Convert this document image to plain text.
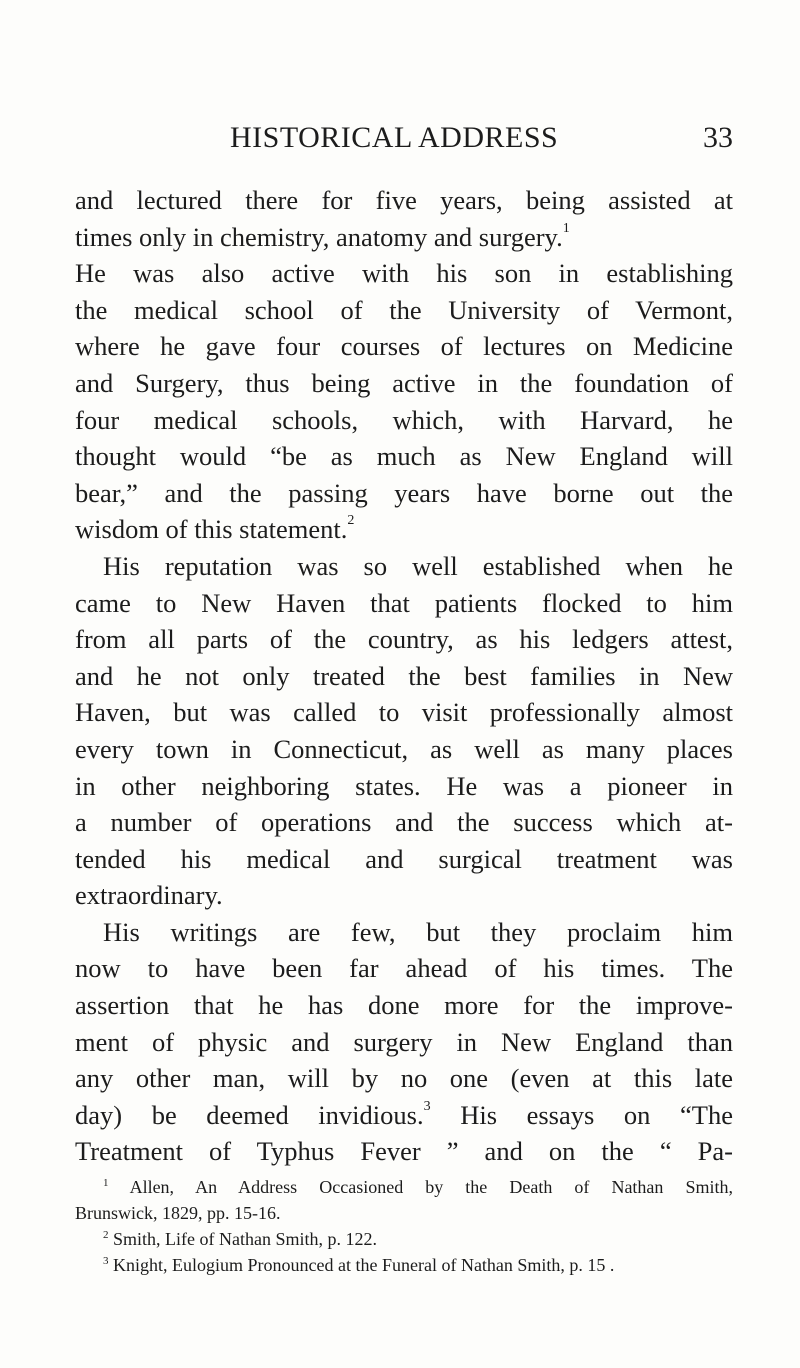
HISTORICAL ADDRESS	33
and lectured there for five years, being assisted at
times only in chemistry, anatomy and surgery.$^1$
He was also active with his son in establishing
the medical school of the University of Vermont,
where he gave four courses of lectures on Medicine
and Surgery, thus being active in the foundation of
four medical schools, which, with Harvard, he
thought would “be as much as New England will
bear,” and the passing years have borne out the
wisdom of this statement.$^2$
His reputation was so well established when he
came to New Haven that patients flocked to him
from all parts of the country, as his ledgers attest,
and he not only treated the best families in New
Haven, but was called to visit professionally almost
every town in Connecticut, as well as many places
in other neighboring states. He was a pioneer in
a number of operations and the success which at-
tended his medical and surgical treatment was
extraordinary.
His writings are few, but they proclaim him
now to have been far ahead of his times. The
assertion that he has done more for the improve-
ment of physic and surgery in New England than
any other man, will by no one (even at this late
day) be deemed invidious.$^3$ His essays on “The
Treatment of Typhus Fever ” and on the “ Pa-
$^1$ Allen, An Address Occasioned by the Death of Nathan Smith,
Brunswick, 1829, pp. 15-16.
$^2$ Smith, Life of Nathan Smith, p. 122.
$^3$ Knight, Eulogium Pronounced at the Funeral of Nathan Smith, p. 15 .
